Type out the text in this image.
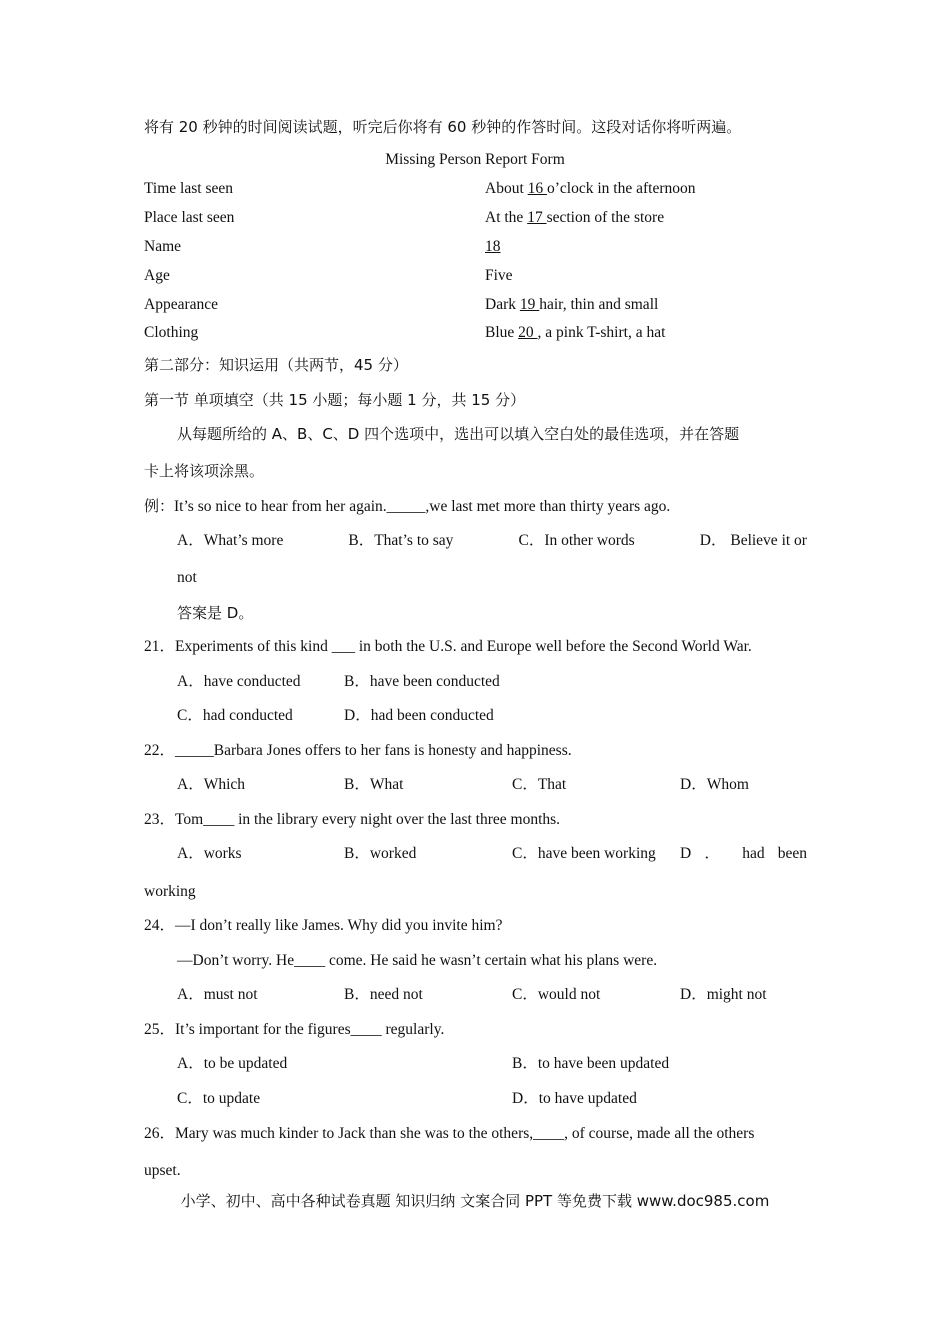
将有 20 秒钟的时间阅读试题，听完后你将有 60 秒钟的作答时间。这段对话你将听两遍。
Missing Person Report Form
Time last seen	About 16 o’clock in the afternoon
Place last seen	At the 17 section of the store
Name	18
Age	Five
Appearance	Dark 19 hair, thin and small
Clothing	Blue 20 , a pink T-shirt, a hat
第二部分：知识运用（共两节，45 分）
第一节 单项填空（共 15 小题；每小题 1 分，共 15 分）
从每题所给的 A、B、C、D 四个选项中，选出可以填入空白处的最佳选项，并在答题
卡上将该项涂黑。
例：It’s so nice to hear from her again._____,we last met more than thirty years ago.
A．What’s more	B．That’s to say	C．In other words	D． Believe it or
not
答案是 D。
21．Experiments of this kind ___ in both the U.S. and Europe well before the Second World War.
A．have conducted	B．have been conducted
C．had conducted	D．had been conducted
22．_____Barbara Jones offers to her fans is honesty and happiness.
A．Which	B．What	C．That	D．Whom
23．Tom____ in the library every night over the last three months.
A．works	B．worked	C．have been working D ． had been
working
24．—I don’t really like James. Why did you invite him?
—Don’t worry. He____ come. He said he wasn’t certain what his plans were.
A．must not	B．need not	C．would not	D．might not
25．It’s important for the figures____ regularly.
A．to be updated	B．to have been updated
C．to update	D．to have updated
26．Mary was much kinder to Jack than she was to the others,____, of course, made all the others
upset.
小学、初中、高中各种试卷真题 知识归纳 文案合同 PPT 等免费下载 www.doc985.com
